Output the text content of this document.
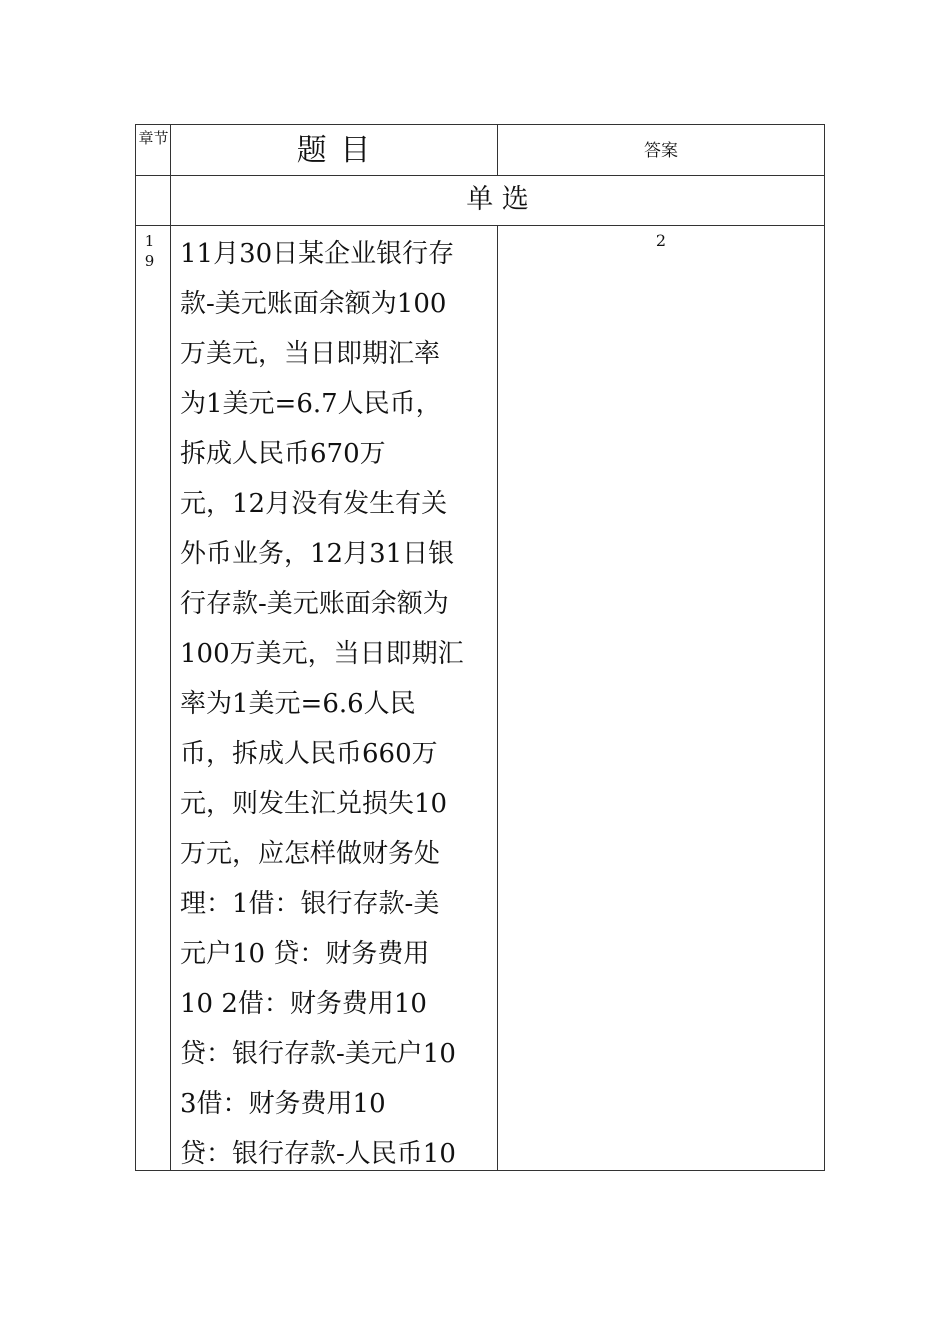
章节	题 目	答案
单 选
1 9
2
11月30日某企业银行存
款-美元账面余额为100
万美元，当日即期汇率
为1美元=6.7人民币，
拆成人民币670万
元，12月没有发生有关
外币业务，12月31日银
行存款-美元账面余额为
100万美元，当日即期汇
率为1美元=6.6人民
币，拆成人民币660万
元，则发生汇兑损失10
万元，应怎样做财务处
理：1借：银行存款-美
元户10 贷：财务费用
10 2借：财务费用10
贷：银行存款-美元户10
3借：财务费用10
贷：银行存款-人民币10
